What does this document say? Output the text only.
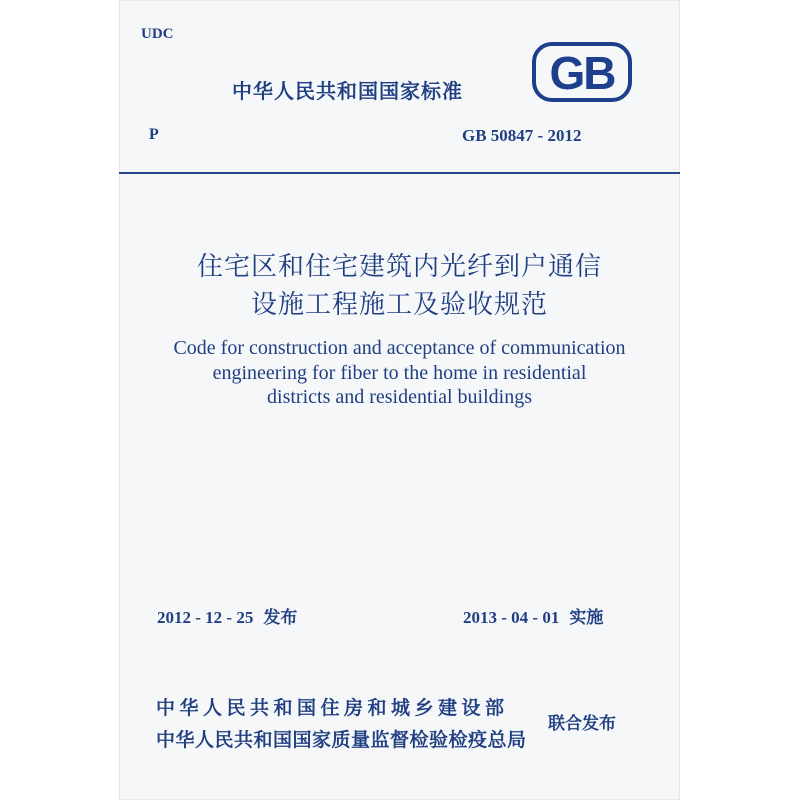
UDC
中华人民共和国国家标准 GB
P	GB 50847 - 2012
住宅区和住宅建筑内光纤到户通信
设施工程施工及验收规范
Code for construction and acceptance of communication
engineering for fiber to the home in residential
districts and residential buildings
2012 - 12 - 25 发布	2013 - 04 - 01 实施
中华人民共和国住房和城乡建设部
中华人民共和国国家质量监督检验检疫总局
联合发布
